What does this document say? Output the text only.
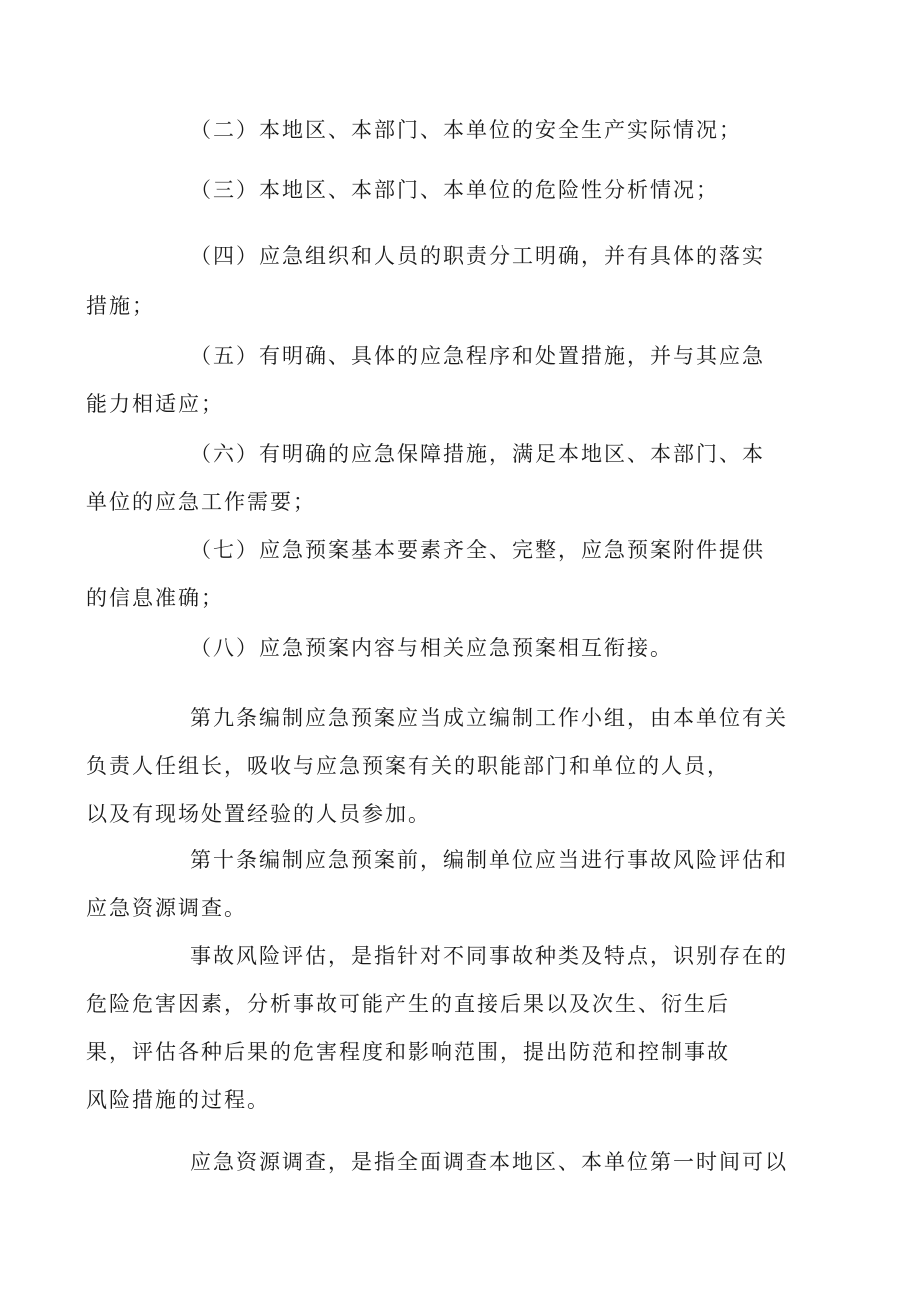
（二）本地区、本部门、本单位的安全生产实际情况；

（三）本地区、本部门、本单位的危险性分析情况；

（四）应急组织和人员的职责分工明确，并有具体的落实
措施；

（五）有明确、具体的应急程序和处置措施，并与其应急
能力相适应；

（六）有明确的应急保障措施，满足本地区、本部门、本
单位的应急工作需要；

（七）应急预案基本要素齐全、完整，应急预案附件提供
的信息准确；

（八）应急预案内容与相关应急预案相互衔接。

第九条编制应急预案应当成立编制工作小组，由本单位有关
负责人任组长，吸收与应急预案有关的职能部门和单位的人员，
以及有现场处置经验的人员参加。

第十条编制应急预案前，编制单位应当进行事故风险评估和
应急资源调查。

事故风险评估，是指针对不同事故种类及特点，识别存在的
危险危害因素，分析事故可能产生的直接后果以及次生、衍生后
果，评估各种后果的危害程度和影响范围，提出防范和控制事故
风险措施的过程。

应急资源调查，是指全面调查本地区、本单位第一时间可以
